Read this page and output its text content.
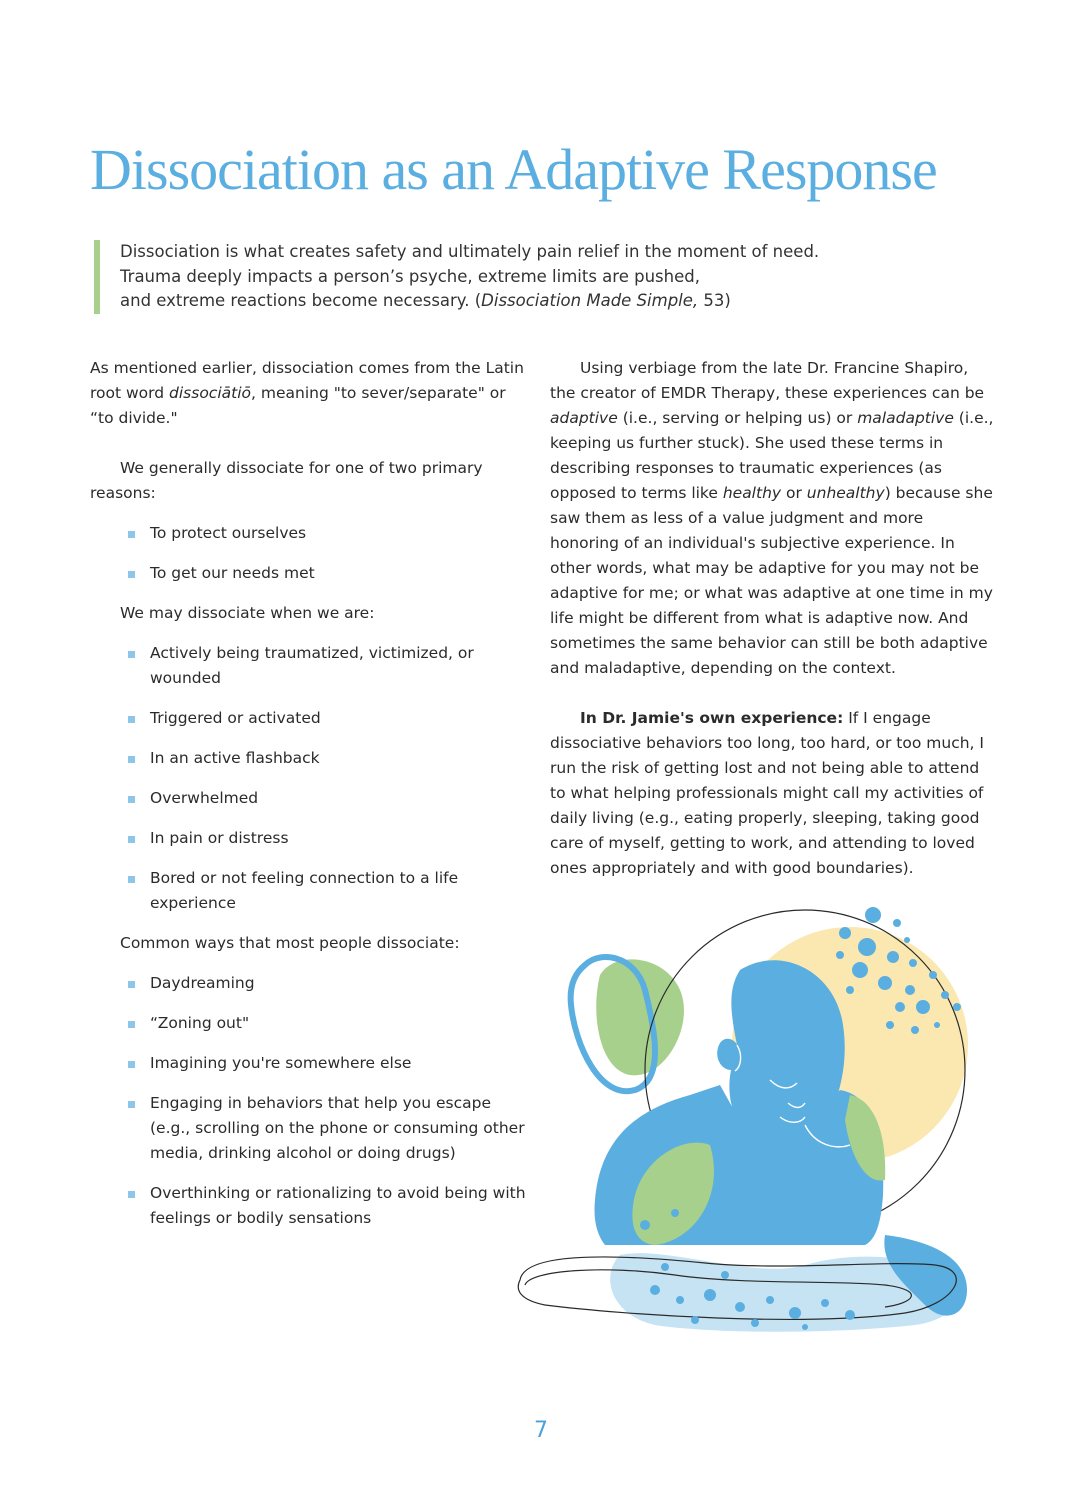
Dissociation as an Adaptive Response

Dissociation is what creates safety and ultimately pain relief in the moment of need.

Trauma deeply impacts a person’s psyche, extreme limits are pushed,

and extreme reactions become necessary. (Dissociation Made Simple, 53)

As mentioned earlier, dissociation comes from the Latin root word dissociātiō, meaning "to sever/separate" or “to divide."

We generally dissociate for one of two primary reasons:

To protect ourselves
To get our needs met

We may dissociate when we are:

Actively being traumatized, victimized, or wounded
Triggered or activated
In an active flashback
Overwhelmed
In pain or distress
Bored or not feeling connection to a life experience

Common ways that most people dissociate:

Daydreaming
“Zoning out"
Imagining you're somewhere else
Engaging in behaviors that help you escape (e.g., scrolling on the phone or consuming other media, drinking alcohol or doing drugs)
Overthinking or rationalizing to avoid being with feelings or bodily sensations

Using verbiage from the late Dr. Francine Shapiro, the creator of EMDR Therapy, these experiences can be adaptive (i.e., serving or helping us) or maladaptive (i.e., keeping us further stuck). She used these terms in describing responses to traumatic experiences (as opposed to terms like healthy or unhealthy) because she saw them as less of a value judgment and more honoring of an individual's subjective experience. In other words, what may be adaptive for you may not be adaptive for me; or what was adaptive at one time in my life might be different from what is adaptive now. And sometimes the same behavior can still be both adaptive and maladaptive, depending on the context.

In Dr. Jamie's own experience: If I engage dissociative behaviors too long, too hard, or too much, I run the risk of getting lost and not being able to attend to what helping professionals might call my activities of daily living (e.g., eating properly, sleeping, taking good care of myself, getting to work, and attending to loved ones appropriately and with good boundaries).

7
